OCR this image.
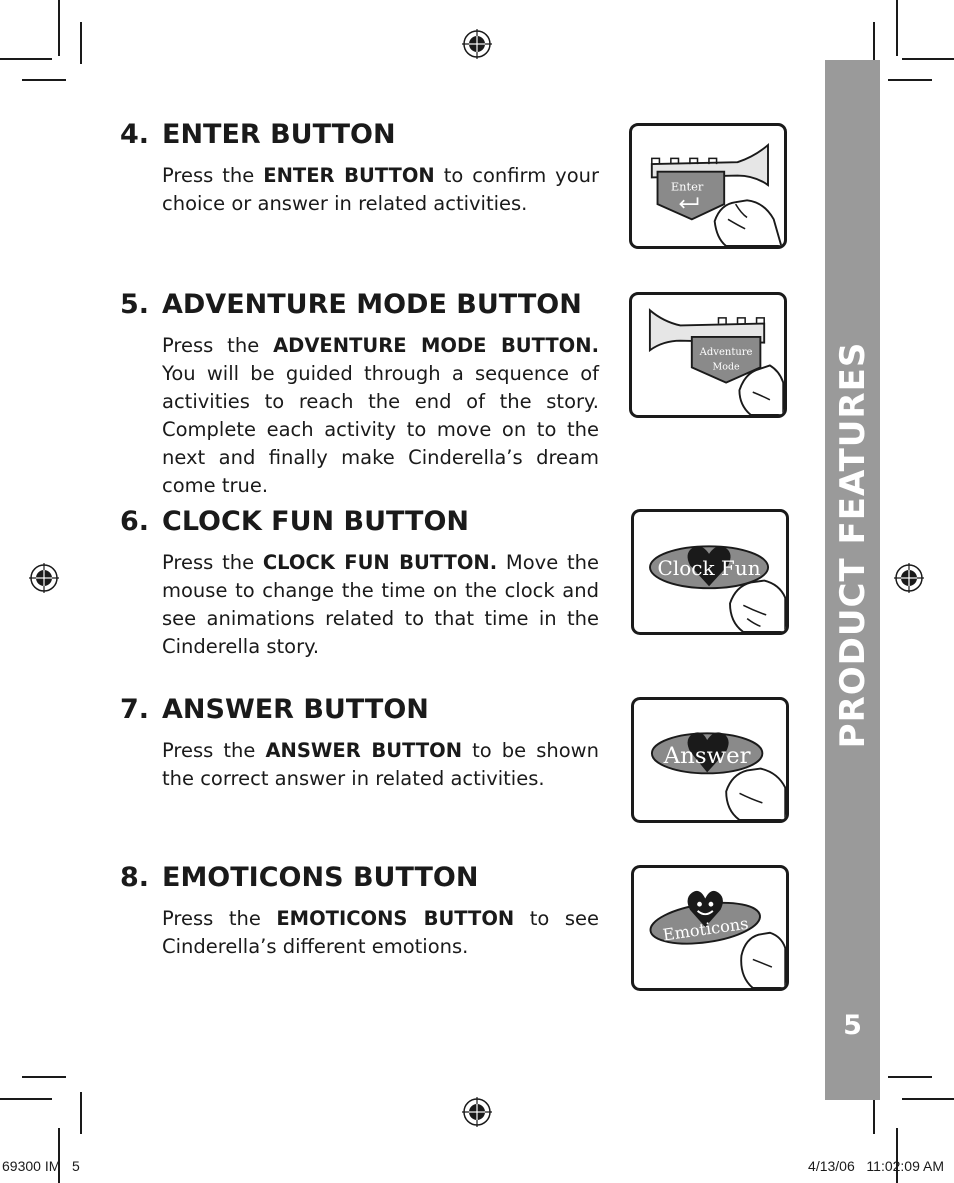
4. ENTER BUTTON

Press the ENTER BUTTON to confirm your choice or answer in related activities.

Enter
5. ADVENTURE MODE BUTTON

Press the ADVENTURE MODE BUTTON. You will be guided through a sequence of activities to reach the end of the story. Complete each activity to move on to the next and finally make Cinderella’s dream come true.

Adventure
Mode
6. CLOCK FUN BUTTON

Press the CLOCK FUN BUTTON. Move the mouse to change the time on the clock and see animations related to that time in the Cinderella story.

Clock Fun
7. ANSWER BUTTON

Press the ANSWER BUTTON to be shown the correct answer in related activities.

Answer
8. EMOTICONS BUTTON

Press the EMOTICONS BUTTON to see Cinderella’s different emotions.

Emoticons
PRODUCT FEATURES
5
69300 IM   5	4/13/06   11:02:09 AM
